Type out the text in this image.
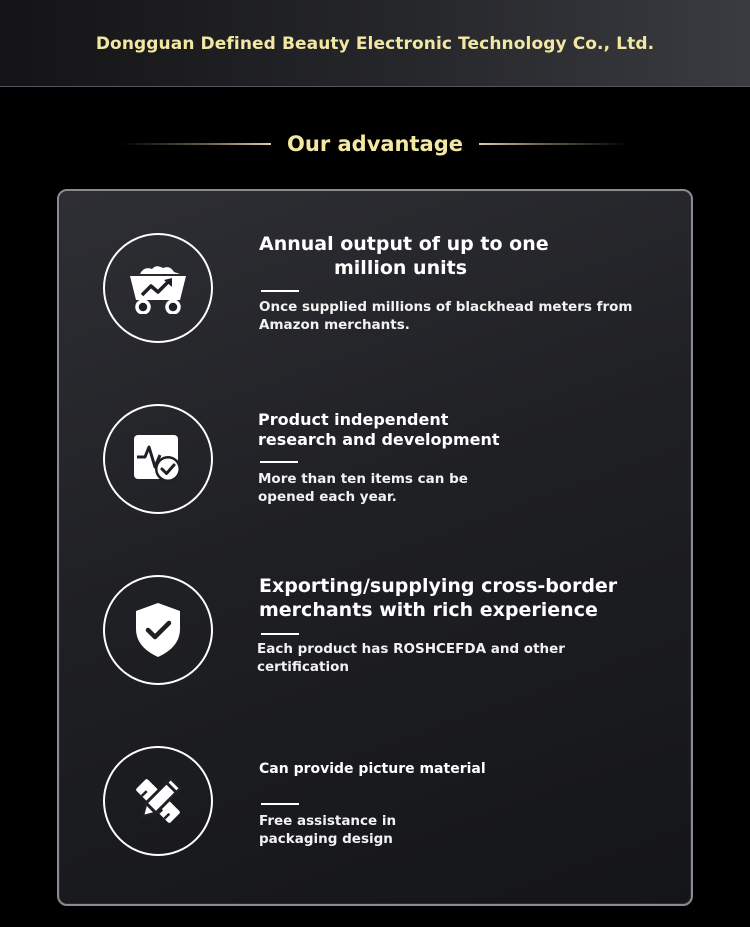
Dongguan Defined Beauty Electronic Technology Co., Ltd.
Our advantage
Annual output of up to one
million units
Once supplied millions of blackhead meters from
Amazon merchants.
Product independent
research and development
More than ten items can be
opened each year.
Exporting/supplying cross-border
merchants with rich experience
Each product has ROSHCEFDA and other
certification
Can provide picture material
Free assistance in
packaging design
